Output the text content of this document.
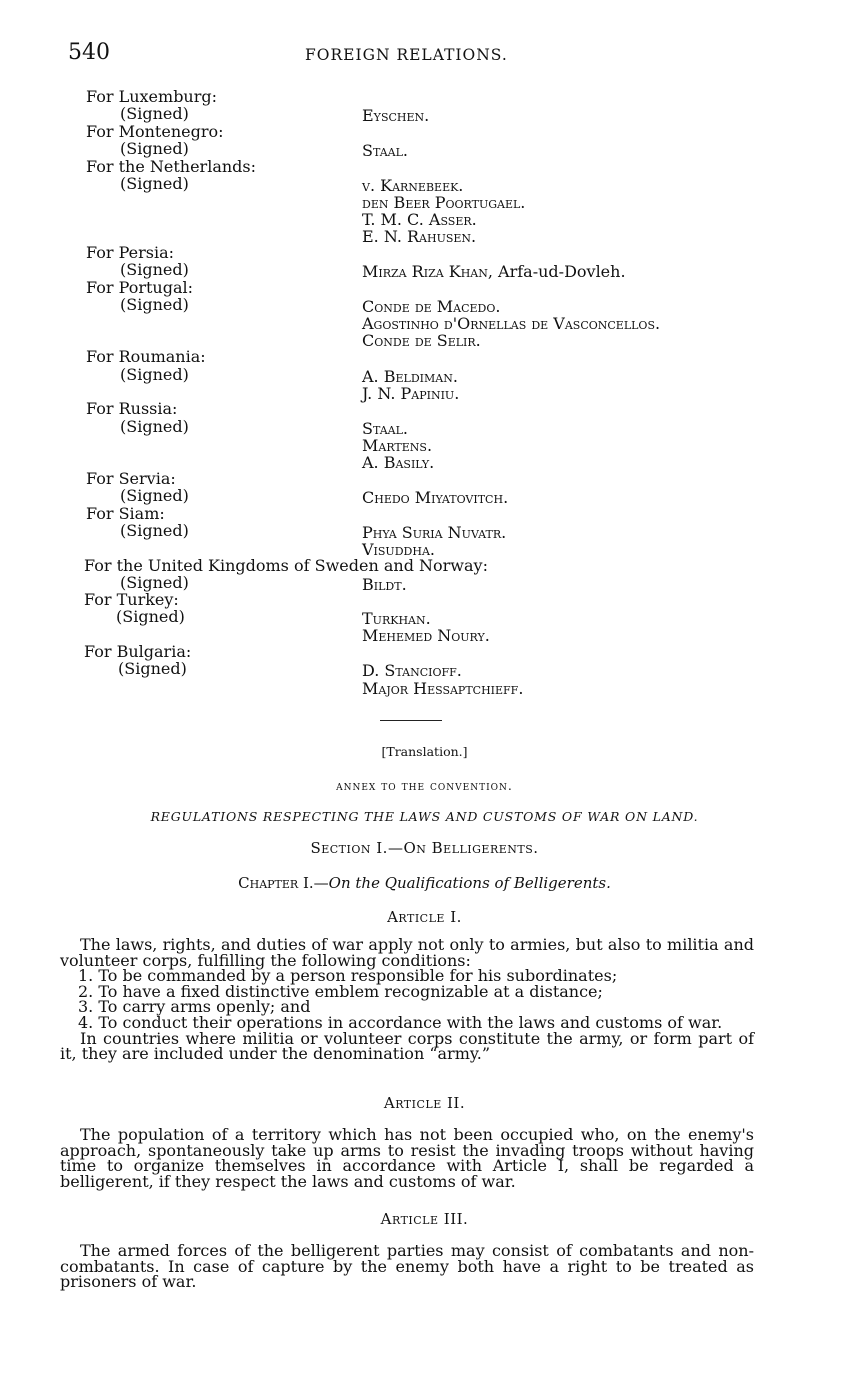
540	FOREIGN RELATIONS.
For Luxemburg:
(Signed)	Eyschen.
For Montenegro:
(Signed)	Staal.
For the Netherlands:
(Signed)	v. Karnebeek.
den Beer Poortugael.
T. M. C. Asser.
E. N. Rahusen.
For Persia:
(Signed)	Mirza Riza Khan, Arfa-ud-Dovleh.
For Portugal:
(Signed)	Conde de Macedo.
Agostinho d'Ornellas de Vasconcellos.
Conde de Selir.
For Roumania:
(Signed)	A. Beldiman.
J. N. Papiniu.
For Russia:
(Signed)	Staal.
Martens.
A. Basily.
For Servia:
(Signed)	Chedo Miyatovitch.
For Siam:
(Signed)	Phya Suria Nuvatr.
Visuddha.
For the United Kingdoms of Sweden and Norway:
(Signed)	Bildt.
For Turkey:
(Signed)	Turkhan.
Mehemed Noury.
For Bulgaria:
(Signed)	D. Stancioff.
Major Hessaptchieff.
[Translation.]
annex to the convention.
REGULATIONS RESPECTING THE LAWS AND CUSTOMS OF WAR ON LAND.
Section I.—On Belligerents.
Chapter I.—On the Qualifications of Belligerents.
Article I.

The laws, rights, and duties of war apply not only to armies, but also to militia and volunteer corps, fulfilling the following conditions:

1. To be commanded by a person responsible for his subordinates;

2. To have a fixed distinctive emblem recognizable at a distance;

3. To carry arms openly; and

4. To conduct their operations in accordance with the laws and customs of war.

In countries where militia or volunteer corps constitute the army, or form part of it, they are included under the denomination “army.”

Article II.

The population of a territory which has not been occupied who, on the enemy's approach, spontaneously take up arms to resist the invading troops without having time to organize themselves in accordance with Article I, shall be regarded a belligerent, if they respect the laws and customs of war.

Article III.

The armed forces of the belligerent parties may consist of combatants and non-combatants. In case of capture by the enemy both have a right to be treated as prisoners of war.
